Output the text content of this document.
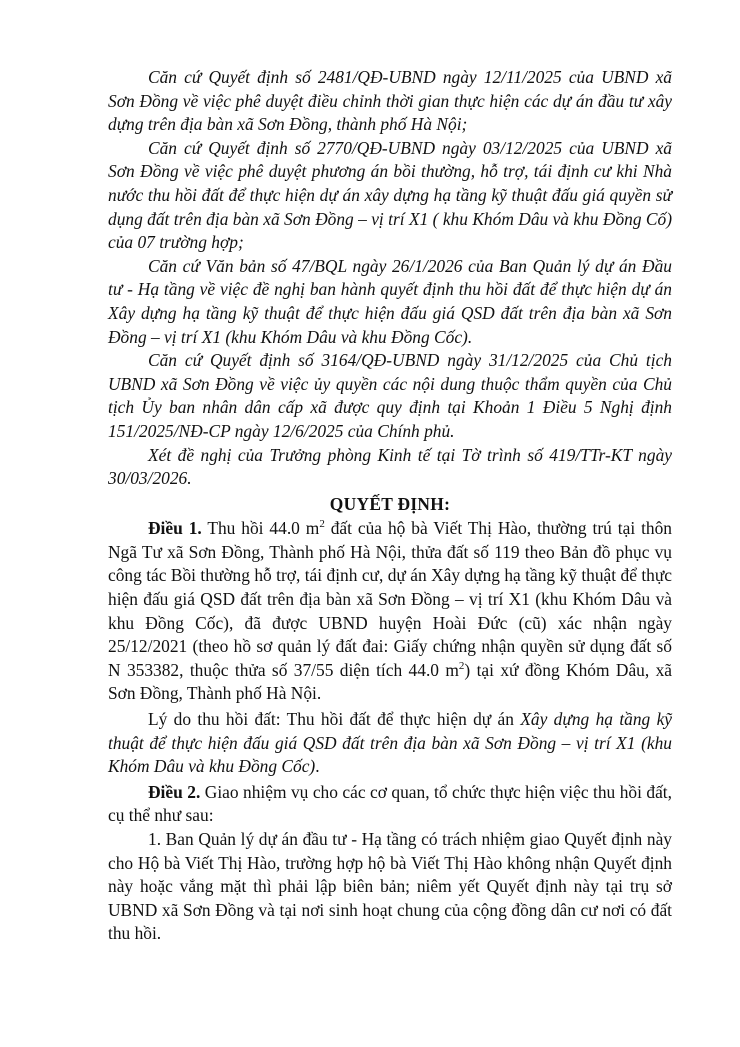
Căn cứ Quyết định số 2481/QĐ-UBND ngày 12/11/2025 của UBND xã Sơn Đồng về việc phê duyệt điều chỉnh thời gian thực hiện các dự án đầu tư xây dựng trên địa bàn xã Sơn Đồng, thành phố Hà Nội;

Căn cứ Quyết định số 2770/QĐ-UBND ngày 03/12/2025 của UBND xã Sơn Đồng về việc phê duyệt phương án bồi thường, hỗ trợ, tái định cư khi Nhà nước thu hồi đất để thực hiện dự án xây dựng hạ tầng kỹ thuật đấu giá quyền sử dụng đất trên địa bàn xã Sơn Đồng – vị trí X1 ( khu Khóm Dâu và khu Đồng Cố) của 07 trường hợp;

Căn cứ Văn bản số 47/BQL ngày 26/1/2026 của Ban Quản lý dự án Đầu tư - Hạ tầng về việc đề nghị ban hành quyết định thu hồi đất để thực hiện dự án Xây dựng hạ tầng kỹ thuật để thực hiện đấu giá QSD đất trên địa bàn xã Sơn Đồng – vị trí X1 (khu Khóm Dâu và khu Đồng Cốc).

Căn cứ Quyết định số 3164/QĐ-UBND ngày 31/12/2025 của Chủ tịch UBND xã Sơn Đồng về việc ủy quyền các nội dung thuộc thẩm quyền của Chủ tịch Ủy ban nhân dân cấp xã được quy định tại Khoản 1 Điều 5 Nghị định 151/2025/NĐ-CP ngày 12/6/2025 của Chính phủ.

Xét đề nghị của Trưởng phòng Kinh tế tại Tờ trình số 419/TTr-KT ngày 30/03/2026.

QUYẾT ĐỊNH:

Điều 1. Thu hồi 44.0 $m^2$ đất của hộ bà Viết Thị Hào, thường trú tại thôn Ngã Tư xã Sơn Đồng, Thành phố Hà Nội, thửa đất số 119 theo Bản đồ phục vụ công tác Bồi thường hỗ trợ, tái định cư, dự án Xây dựng hạ tầng kỹ thuật để thực hiện đấu giá QSD đất trên địa bàn xã Sơn Đồng – vị trí X1 (khu Khóm Dâu và khu Đồng Cốc), đã được UBND huyện Hoài Đức (cũ) xác nhận ngày 25/12/2021 (theo hồ sơ quản lý đất đai: Giấy chứng nhận quyền sử dụng đất số N 353382, thuộc thửa số 37/55 diện tích 44.0 $m^2$) tại xứ đồng Khóm Dâu, xã Sơn Đồng, Thành phố Hà Nội.

Lý do thu hồi đất: Thu hồi đất để thực hiện dự án Xây dựng hạ tầng kỹ thuật để thực hiện đấu giá QSD đất trên địa bàn xã Sơn Đồng – vị trí X1 (khu Khóm Dâu và khu Đồng Cốc).

Điều 2. Giao nhiệm vụ cho các cơ quan, tổ chức thực hiện việc thu hồi đất, cụ thể như sau:

1. Ban Quản lý dự án đầu tư - Hạ tầng có trách nhiệm giao Quyết định này cho Hộ bà Viết Thị Hào, trường hợp hộ bà Viết Thị Hào không nhận Quyết định này hoặc vắng mặt thì phải lập biên bản; niêm yết Quyết định này tại trụ sở UBND xã Sơn Đồng và tại nơi sinh hoạt chung của cộng đồng dân cư nơi có đất thu hồi.
